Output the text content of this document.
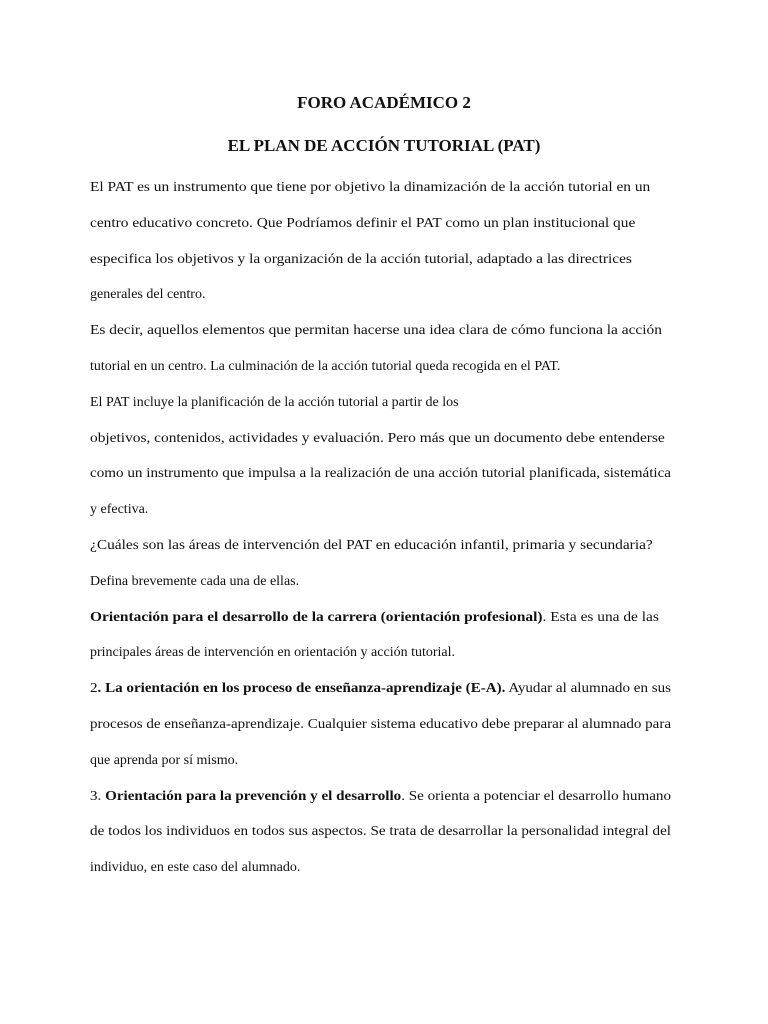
FORO ACADÉMICO 2
EL PLAN DE ACCIÓN TUTORIAL (PAT)
El PAT es un instrumento que tiene por objetivo la dinamización de la acción tutorial en un
centro educativo concreto. Que Podríamos definir el PAT como un plan institucional que
especifica los objetivos y la organización de la acción tutorial, adaptado a las directrices
generales del centro.
Es decir, aquellos elementos que permitan hacerse una idea clara de cómo funciona la acción
tutorial en un centro. La culminación de la acción tutorial queda recogida en el PAT.
El PAT incluye la planificación de la acción tutorial a partir de los
objetivos, contenidos, actividades y evaluación. Pero más que un documento debe entenderse
como un instrumento que impulsa a la realización de una acción tutorial planificada, sistemática
y efectiva.
¿Cuáles son las áreas de intervención del PAT en educación infantil, primaria y secundaria?
Defina brevemente cada una de ellas.
Orientación para el desarrollo de la carrera (orientación profesional). Esta es una de las
principales áreas de intervención en orientación y acción tutorial.
2. La orientación en los proceso de enseñanza-aprendizaje (E-A). Ayudar al alumnado en sus
procesos de enseñanza-aprendizaje. Cualquier sistema educativo debe preparar al alumnado para
que aprenda por sí mismo.
3. Orientación para la prevención y el desarrollo. Se orienta a potenciar el desarrollo humano
de todos los individuos en todos sus aspectos. Se trata de desarrollar la personalidad integral del
individuo, en este caso del alumnado.
